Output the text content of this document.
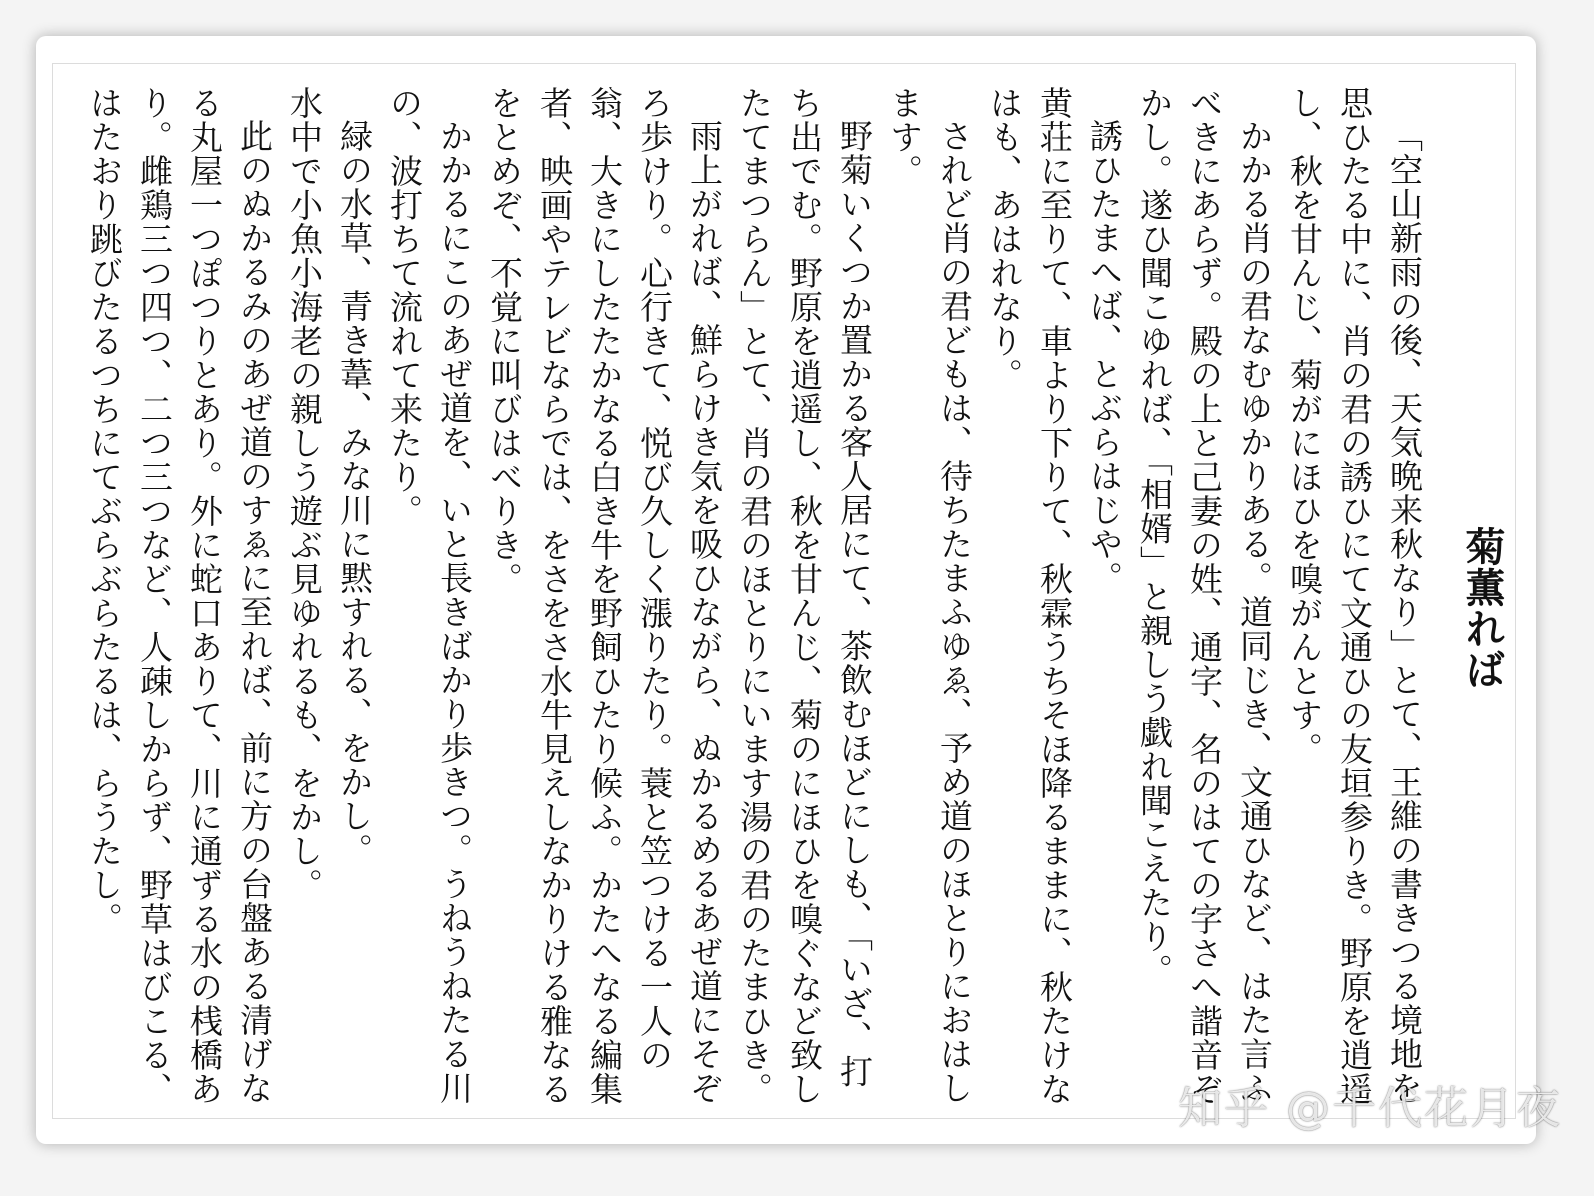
菊薫れば

「空山新雨の後、天気晩来秋なり」とて、王維の書きつる境地を思ひたる中に、肖の君の誘ひにて文通ひの友垣参りき。野原を逍遥し、秋を甘んじ、菊がにほひを嗅がんとす。

かかる肖の君なむゆかりある。道同じき、文通ひなど、はた言ふべきにあらず。殿の上と己妻の姓、通字、名のはての字さへ諧音ぞかし。遂ひ聞こゆれば、「相婿」と親しう戯れ聞こえたり。

誘ひたまへば、とぶらはじや。

黄荘に至りて、車より下りて、秋霖うちそほ降るままに、秋たけなはも、あはれなり。

されど肖の君どもは、待ちたまふゆゑ、予め道のほとりにおはします。

野菊いくつか置かる客人居にて、茶飲むほどにしも、「いざ、打ち出でむ。野原を逍遥し、秋を甘んじ、菊のにほひを嗅ぐなど致したてまつらん」とて、肖の君のほとりにいます湯の君のたまひき。

雨上がれば、鮮らけき気を吸ひながら、ぬかるめるあぜ道にそぞろ歩けり。心行きて、悦び久しく漲りたり。蓑と笠つける一人の翁、大きにしたたかなる白き牛を野飼ひたり候ふ。かたへなる編集者、映画やテレビならでは、をさをさ水牛見えしなかりける雅なるをとめぞ、不覚に叫びはべりき。

かかるにこのあぜ道を、いと長きばかり歩きつ。うねうねたる川の、波打ちて流れて来たり。

緑の水草、青き葦、みな川に黙すれる、をかし。

水中で小魚小海老の親しう遊ぶ見ゆれるも、をかし。

此のぬかるみのあぜ道のすゑに至れば、前に方の台盤ある清げなる丸屋一つぽつりとあり。外に蛇口ありて、川に通ずる水の桟橋あり。雌鶏三つ四つ、二つ三つなど、人疎しからず、野草はびこる、はたおり跳びたるつちにてぶらぶらたるは、らうたし。

知乎 @千代花月夜
